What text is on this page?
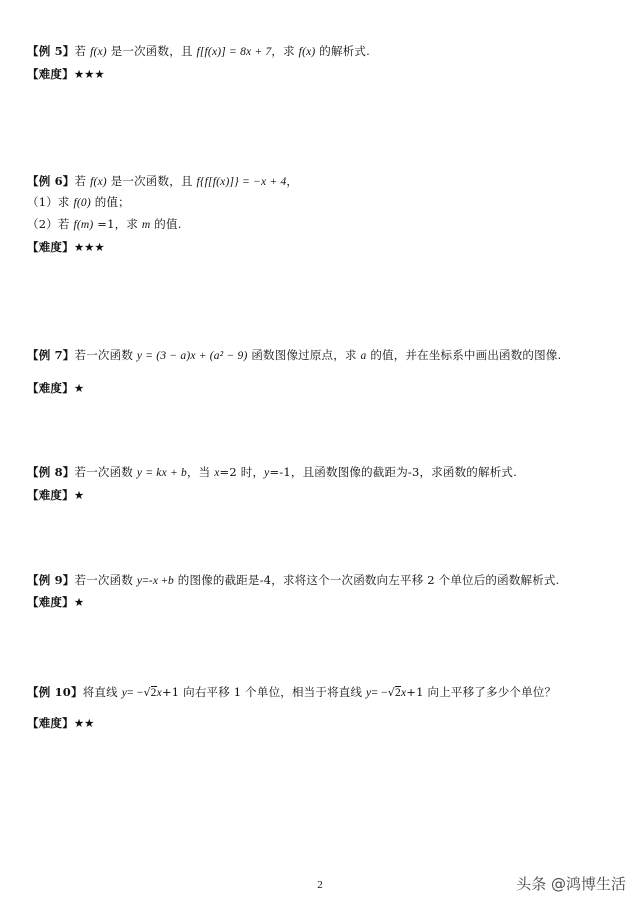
【例 5】若 f(x) 是一次函数，且 f[f(x)] = 8x + 7，求 f(x) 的解析式.
【难度】★★★
【例 6】若 f(x) 是一次函数，且 f{f[f(x)]} = −x + 4，
（1）求 f(0) 的值；
（2）若 f(m) =1，求 m 的值.
【难度】★★★
【例 7】若一次函数 y = (3 − a)x + (a² − 9) 函数图像过原点，求 a 的值，并在坐标系中画出函数的图像.
【难度】★
【例 8】若一次函数 y = kx + b，当 x=2 时，y=-1，且函数图像的截距为-3，求函数的解析式.
【难度】★
【例 9】若一次函数 y=-x +b 的图像的截距是-4，求将这个一次函数向左平移 2 个单位后的函数解析式.
【难度】★
【例 10】将直线 y= −√2x+1 向右平移 1 个单位，相当于将直线 y= −√2x+1 向上平移了多少个单位？
【难度】★★
2	头条 @鸿博生活
